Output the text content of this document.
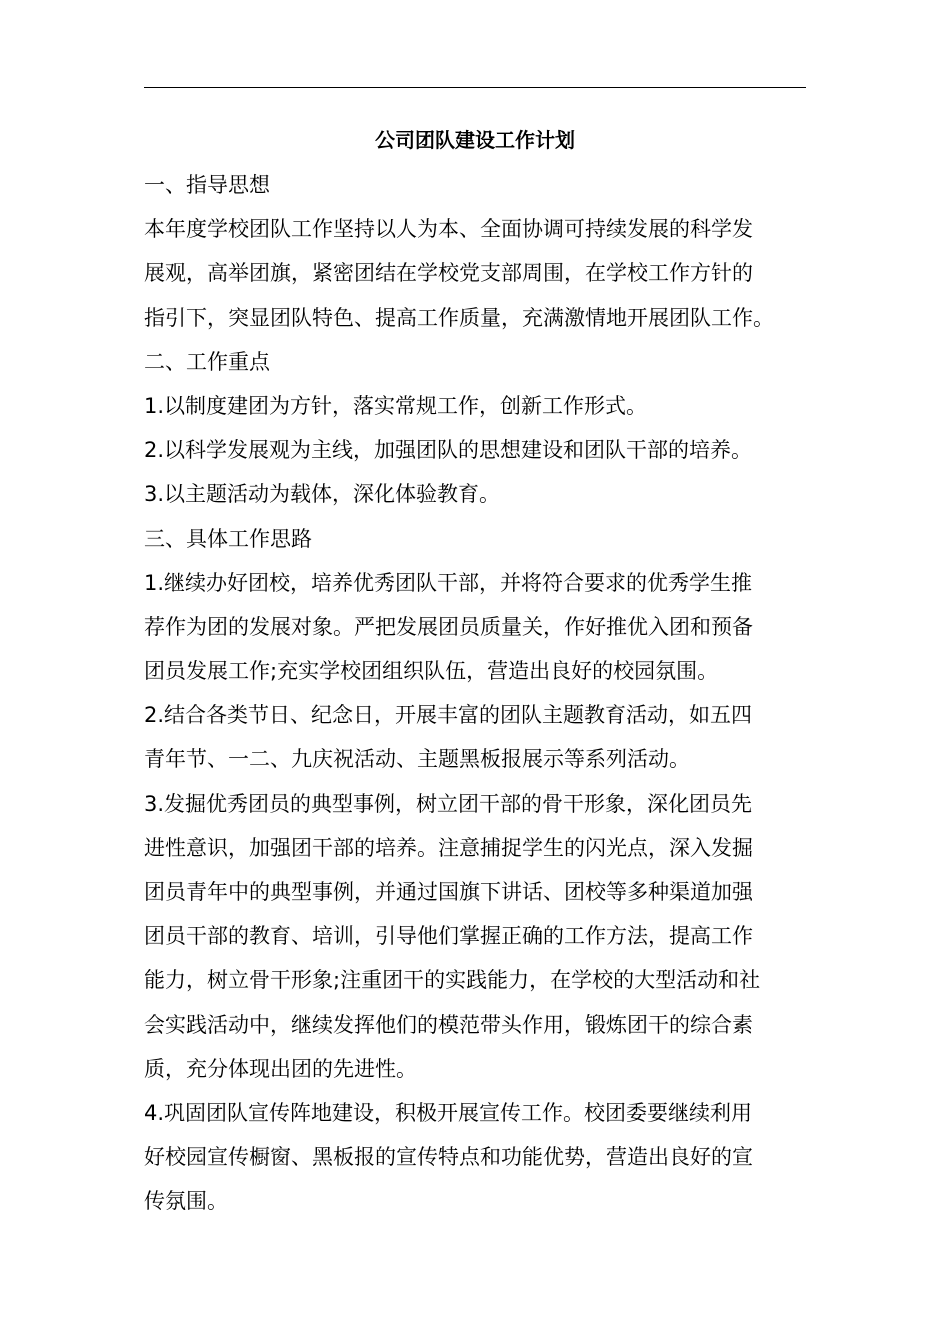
公司团队建设工作计划
一、指导思想
本年度学校团队工作坚持以人为本、全面协调可持续发展的科学发
展观，高举团旗，紧密团结在学校党支部周围，在学校工作方针的
指引下，突显团队特色、提高工作质量，充满激情地开展团队工作。
二、工作重点
1.以制度建团为方针，落实常规工作，创新工作形式。
2.以科学发展观为主线，加强团队的思想建设和团队干部的培养。
3.以主题活动为载体，深化体验教育。
三、具体工作思路
1.继续办好团校，培养优秀团队干部，并将符合要求的优秀学生推
荐作为团的发展对象。严把发展团员质量关，作好推优入团和预备
团员发展工作;充实学校团组织队伍，营造出良好的校园氛围。
2.结合各类节日、纪念日，开展丰富的团队主题教育活动，如五四
青年节、一二、九庆祝活动、主题黑板报展示等系列活动。
3.发掘优秀团员的典型事例，树立团干部的骨干形象，深化团员先
进性意识，加强团干部的培养。注意捕捉学生的闪光点，深入发掘
团员青年中的典型事例，并通过国旗下讲话、团校等多种渠道加强
团员干部的教育、培训，引导他们掌握正确的工作方法，提高工作
能力，树立骨干形象;注重团干的实践能力，在学校的大型活动和社
会实践活动中，继续发挥他们的模范带头作用，锻炼团干的综合素
质，充分体现出团的先进性。
4.巩固团队宣传阵地建设，积极开展宣传工作。校团委要继续利用
好校园宣传橱窗、黑板报的宣传特点和功能优势，营造出良好的宣
传氛围。
